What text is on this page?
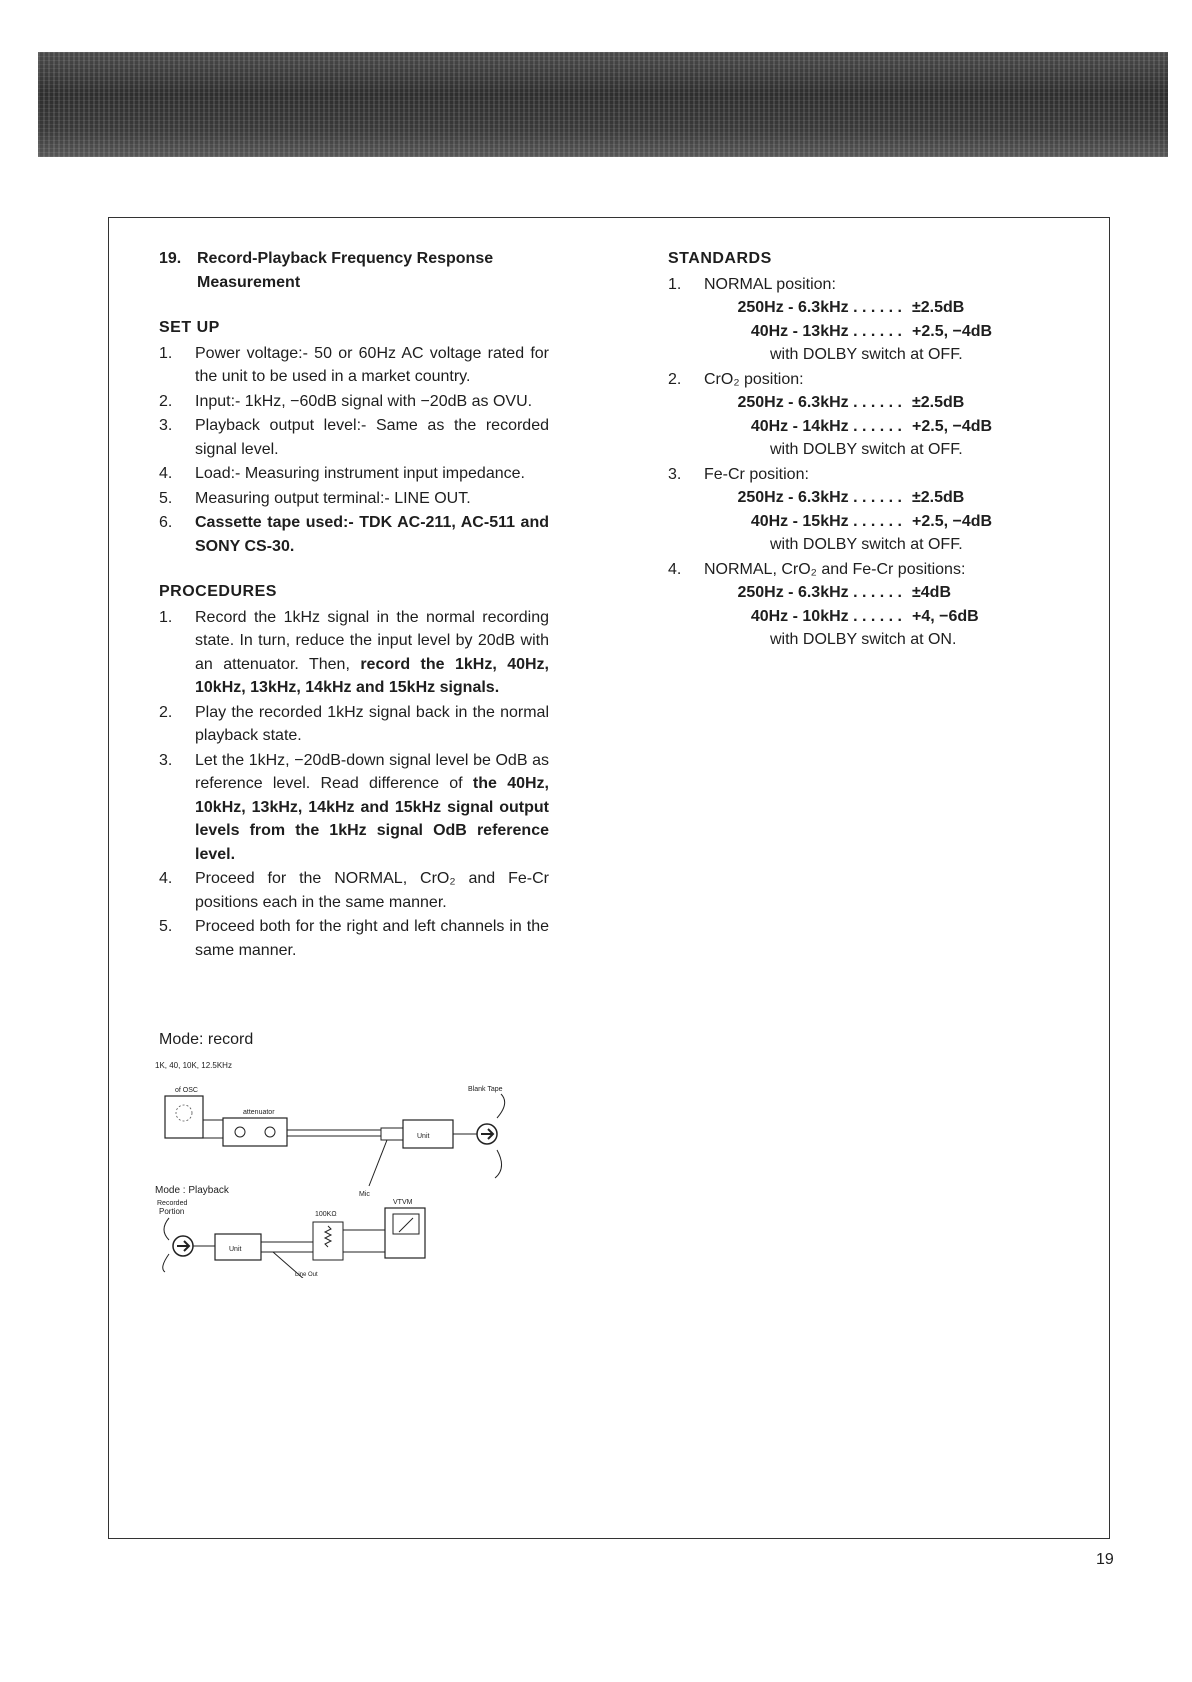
19. Record-Playback Frequency Response Measurement
SET UP
1.	Power voltage:- 50 or 60Hz AC voltage rated for the unit to be used in a market country.
2.	Input:- 1kHz, −60dB signal with −20dB as OVU.
3.	Playback output level:- Same as the recorded signal level.
4.	Load:- Measuring instrument input impedance.
5.	Measuring output terminal:- LINE OUT.
6.	Cassette tape used:- TDK AC-211, AC-511 and SONY CS-30.
PROCEDURES
1.	Record the 1kHz signal in the normal recording state. In turn, reduce the input level by 20dB with an attenuator. Then, record the 1kHz, 40Hz, 10kHz, 13kHz, 14kHz and 15kHz signals.
2.	Play the recorded 1kHz signal back in the normal playback state.
3.	Let the 1kHz, −20dB-down signal level be OdB as reference level. Read difference of the 40Hz, 10kHz, 13kHz, 14kHz and 15kHz signal output levels from the 1kHz signal OdB reference level.
4.	Proceed for the NORMAL, CrO₂ and Fe-Cr positions each in the same manner.
5.	Proceed both for the right and left channels in the same manner.
Mode: record
1K, 40, 10K, 12.5KHz
of OSC
attenuator
Unit
Blank Tape
Mic
Mode : Playback
Recorded
Portion
Unit
100KΩ
VTVM
Line Out
STANDARDS
1.	NORMAL position:
250Hz - 6.3kHz . . . . . . ±2.5dB
40Hz - 13kHz . . . . . . +2.5, −4dB
with DOLBY switch at OFF.
2.	CrO₂ position:
250Hz - 6.3kHz . . . . . . ±2.5dB
40Hz - 14kHz . . . . . . +2.5, −4dB
with DOLBY switch at OFF.
3.	Fe-Cr position:
250Hz - 6.3kHz . . . . . . ±2.5dB
40Hz - 15kHz . . . . . . +2.5, −4dB
with DOLBY switch at OFF.
4.	NORMAL, CrO₂ and Fe-Cr positions:
250Hz - 6.3kHz . . . . . . ±4dB
40Hz - 10kHz . . . . . . +4, −6dB
with DOLBY switch at ON.
19
